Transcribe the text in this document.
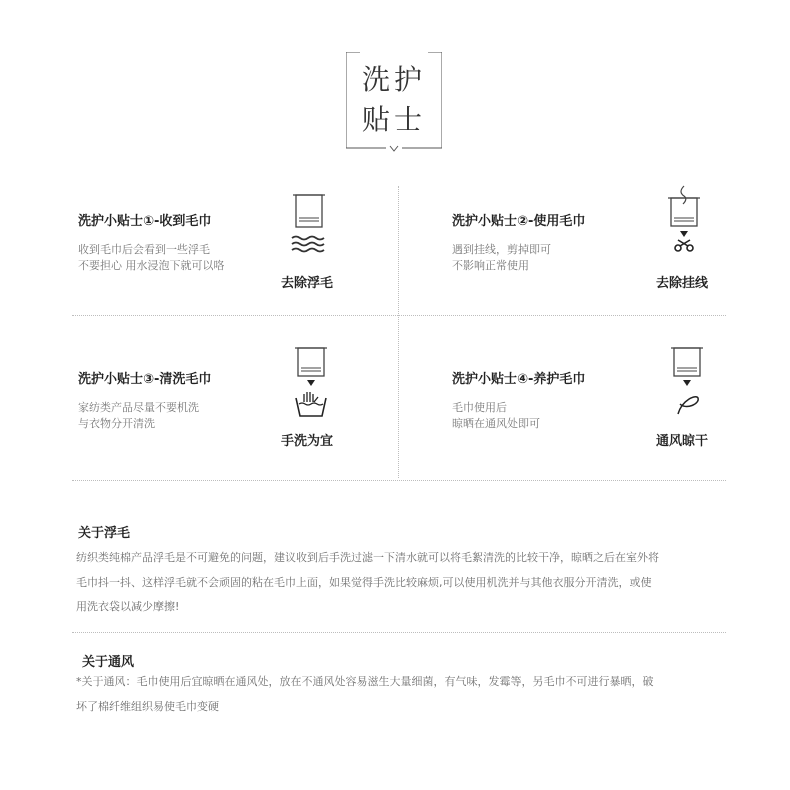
洗护
贴士
洗护小贴士①-收到毛巾
收到毛巾后会看到一些浮毛
不要担心 用水浸泡下就可以咯
去除浮毛
洗护小贴士②-使用毛巾
遇到挂线，剪掉即可
不影响正常使用
去除挂线
洗护小贴士③-清洗毛巾
家纺类产品尽量不要机洗
与衣物分开清洗
手洗为宜
洗护小贴士④-养护毛巾
毛巾使用后
晾晒在通风处即可
通风晾干
关于浮毛
纺织类纯棉产品浮毛是不可避免的问题，建议收到后手洗过滤一下清水就可以将毛絮清洗的比较干净，晾晒之后在室外将
毛巾抖一抖、这样浮毛就不会顽固的粘在毛巾上面，如果觉得手洗比较麻烦,可以使用机洗并与其他衣服分开清洗，或使
用洗衣袋以减少摩擦!
关于通风
*关于通风：毛巾使用后宜晾晒在通风处，放在不通风处容易滋生大量细菌，有气味，发霉等，另毛巾不可进行暴晒，破
坏了棉纤维组织易使毛巾变硬
